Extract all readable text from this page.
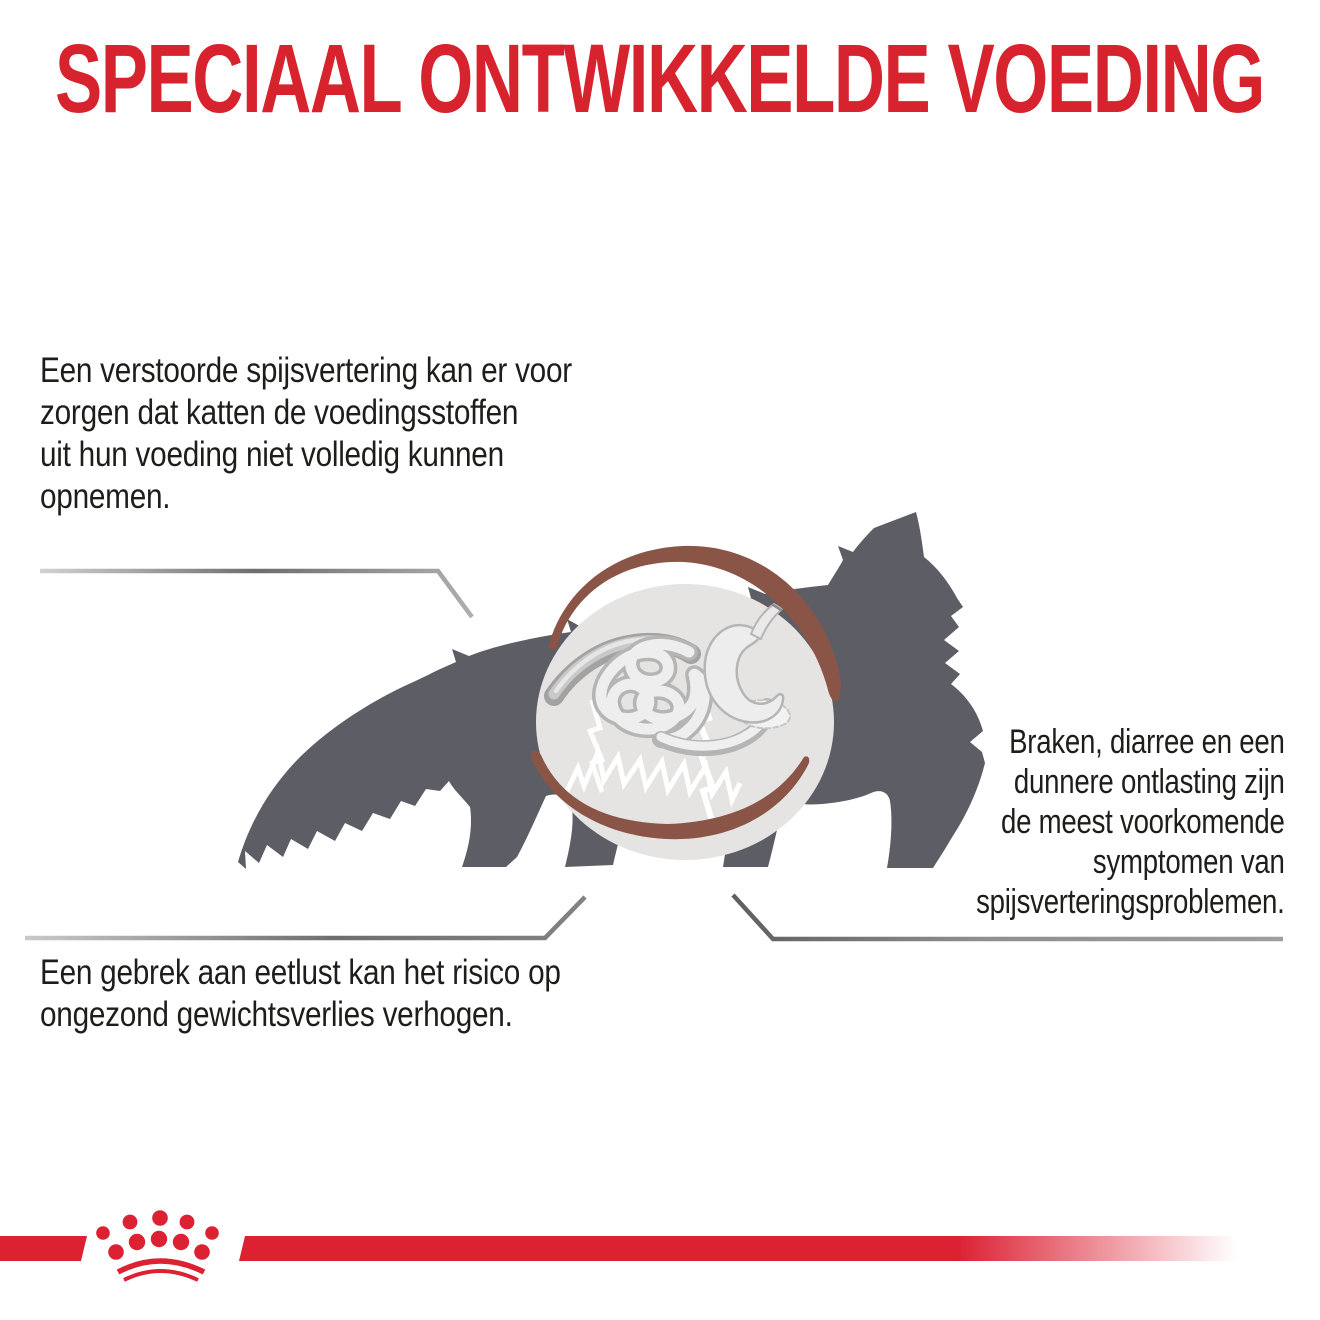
SPECIAAL ONTWIKKELDE VOEDING
Een verstoorde spijsvertering kan er voor
zorgen dat katten de voedingsstoffen
uit hun voeding niet volledig kunnen
opnemen.
Braken, diarree en een
dunnere ontlasting zijn
de meest voorkomende
symptomen van
spijsverteringsproblemen.
Een gebrek aan eetlust kan het risico op
ongezond gewichtsverlies verhogen.
